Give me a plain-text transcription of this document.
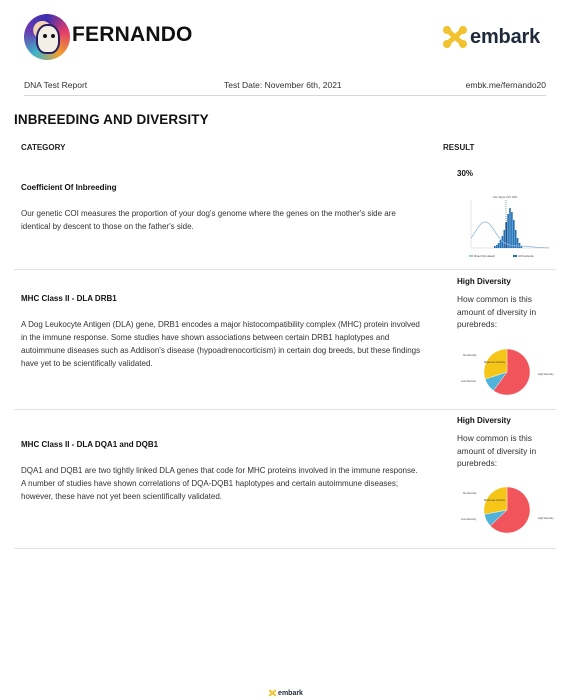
FERNANDO	embark
DNA Test Report	Test Date: November 6th, 2021	embk.me/fernando20
INBREEDING AND DIVERSITY
CATEGORY	RESULT
Coefficient Of Inbreeding

Our genetic COI measures the proportion of your dog's genome where the genes on the mother's side are identical by descent to those on the father's side.

30%
Your Dog's COI: 30%
Mixed (Simulated)	All Purebreds
MHC Class II - DLA DRB1

A Dog Leukocyte Antigen (DLA) gene, DRB1 encodes a major histocompatibility complex (MHC) protein involved in the immune response. Some studies have shown associations between certain DRB1 haplotypes and autoimmune diseases such as Addison's disease (hypoadrenocorticism) in certain dog breeds, but these findings have yet to be scientifically validated.

High Diversity
How common is this amount of diversity in purebreds:
No diversity
Moderate diversity
Low diversity
High diversity
MHC Class II - DLA DQA1 and DQB1

DQA1 and DQB1 are two tightly linked DLA genes that code for MHC proteins involved in the immune response. A number of studies have shown correlations of DQA-DQB1 haplotypes and certain autoimmune diseases; however, these have not yet been scientifically validated.

High Diversity
How common is this amount of diversity in purebreds:
No diversity
Moderate diversity
Low diversity	High diversity
embark
